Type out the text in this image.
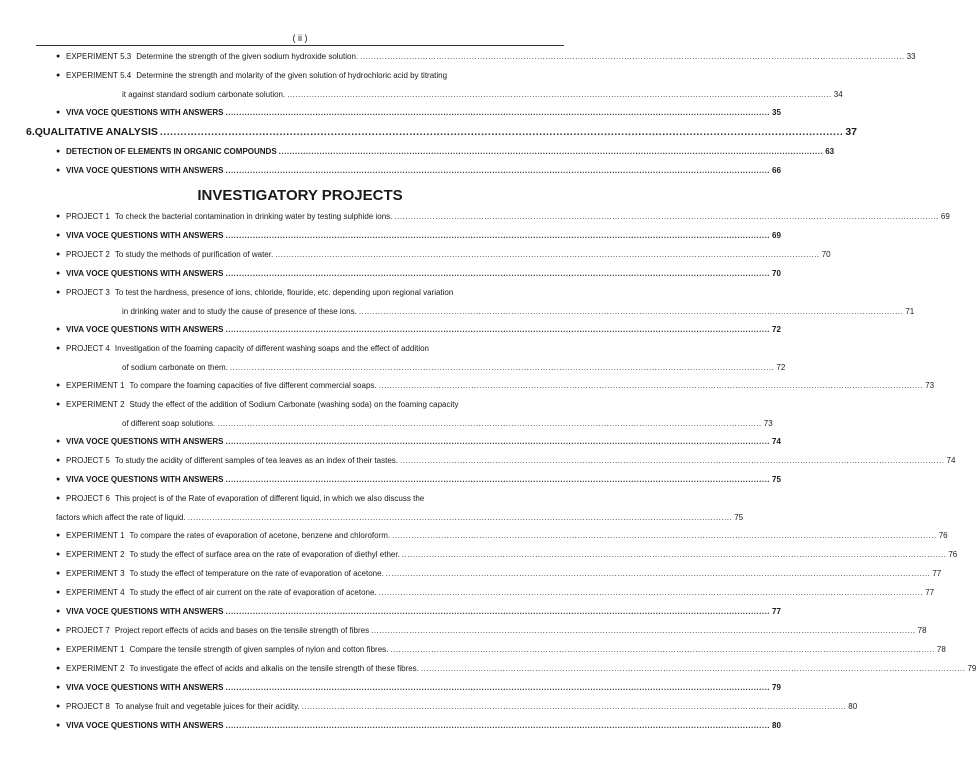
( ii )
● EXPERIMENT 5.3 Determine the strength of the given sodium hydroxide solution. .....	33
● EXPERIMENT 5.4 Determine the strength and molarity of the given solution of hydrochloric acid by titrating
it against standard sodium carbonate solution. .....	34
● VIVA VOCE QUESTIONS WITH ANSWERS .....	35
6. QUALITATIVE ANALYSIS .....	37
● DETECTION OF ELEMENTS IN ORGANIC COMPOUNDS .....	63
● VIVA VOCE QUESTIONS WITH ANSWERS .....	66
INVESTIGATORY PROJECTS
● PROJECT 1 To check the bacterial contamination in drinking water by testing sulphide ions. .....	69
● VIVA VOCE QUESTIONS WITH ANSWERS .....	69
● PROJECT 2 To study the methods of purification of water. .....	70
● VIVA VOCE QUESTIONS WITH ANSWERS .....	70
● PROJECT 3 To test the hardness, presence of ions, chloride, flouride, etc. depending upon regional variation
in drinking water and to study the cause of presence of these ions. .....	71
● VIVA VOCE QUESTIONS WITH ANSWERS .....	72
● PROJECT 4 Investigation of the foaming capacity of different washing soaps and the effect of addition
of sodium carbonate on them. .....	72
● EXPERIMENT 1 To compare the foaming capacities of five different commercial soaps. .....	73
● EXPERIMENT 2 Study the effect of the addition of Sodium Carbonate (washing soda) on the foaming capacity
of different soap solutions. .....	73
● VIVA VOCE QUESTIONS WITH ANSWERS .....	74
● PROJECT 5 To study the acidity of different samples of tea leaves as an index of their tastes. .....	74
● VIVA VOCE QUESTIONS WITH ANSWERS .....	75
● PROJECT 6 This project is of the Rate of evaporation of different liquid, in which we also discuss the
factors which affect the rate of liquid. .....	75
● EXPERIMENT 1 To compare the rates of evaporation of acetone, benzene and chloroform. .....	76
● EXPERIMENT 2 To study the effect of surface area on the rate of evaporation of diethyl ether. .....	76
● EXPERIMENT 3 To study the effect of temperature on the rate of evaporation of acetone. .....	77
● EXPERIMENT 4 To study the effect of air current on the rate of evaporation of acetone. .....	77
● VIVA VOCE QUESTIONS WITH ANSWERS .....	77
● PROJECT 7 Project report effects of acids and bases on the tensile strength of fibres .....	78
● EXPERIMENT 1 Compare the tensile strength of given samples of nylon and cotton fibres. .....	78
● EXPERIMENT 2 To investigate the effect of acids and alkalis on the tensile strength of these fibres. .....	79
● VIVA VOCE QUESTIONS WITH ANSWERS .....	79
● PROJECT 8 To analyse fruit and vegetable juices for their acidity. .....	80
● VIVA VOCE QUESTIONS WITH ANSWERS .....	80
